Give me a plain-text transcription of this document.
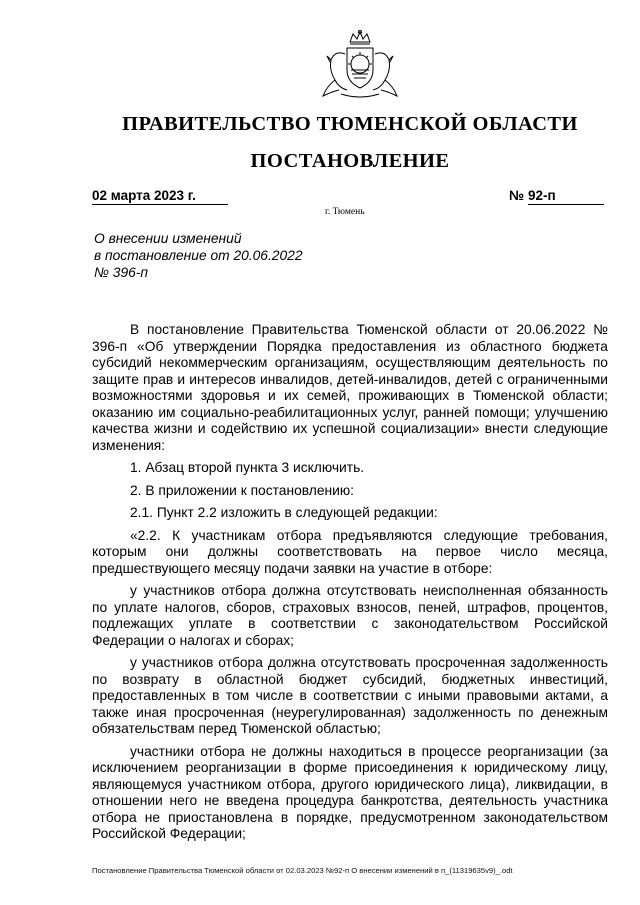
ПРАВИТЕЛЬСТВО ТЮМЕНСКОЙ ОБЛАСТИ
ПОСТАНОВЛЕНИЕ
02 марта 2023 г.	№ 92-п
г. Тюмень
О внесении изменений
в постановление от 20.06.2022
№ 396-п

В постановление Правительства Тюменской области от 20.06.2022 № 396-п «Об утверждении Порядка предоставления из областного бюджета субсидий некоммерческим организациям, осуществляющим деятельность по защите прав и интересов инвалидов, детей-инвалидов, детей с ограниченными возможностями здоровья и их семей, проживающих в Тюменской области; оказанию им социально-реабилитационных услуг, ранней помощи; улучшению качества жизни и содействию их успешной социализации» внести следующие изменения:

1. Абзац второй пункта 3 исключить.

2. В приложении к постановлению:

2.1. Пункт 2.2 изложить в следующей редакции:

«2.2. К участникам отбора предъявляются следующие требования, которым они должны соответствовать на первое число месяца, предшествующего месяцу подачи заявки на участие в отборе:

у участников отбора должна отсутствовать неисполненная обязанность по уплате налогов, сборов, страховых взносов, пеней, штрафов, процентов, подлежащих уплате в соответствии с законодательством Российской Федерации о налогах и сборах;

у участников отбора должна отсутствовать просроченная задолженность по возврату в областной бюджет субсидий, бюджетных инвестиций, предоставленных в том числе в соответствии с иными правовыми актами, а также иная просроченная (неурегулированная) задолженность по денежным обязательствам перед Тюменской областью;

участники отбора не должны находиться в процессе реорганизации (за исключением реорганизации в форме присоединения к юридическому лицу, являющемуся участником отбора, другого юридического лица), ликвидации, в отношении него не введена процедура банкротства, деятельность участника отбора не приостановлена в порядке, предусмотренном законодательством Российской Федерации;

Постановление Правительства Тюменской области от 02.03.2023 №92-п О внесении изменений в п_(11319635v9)_.odt
